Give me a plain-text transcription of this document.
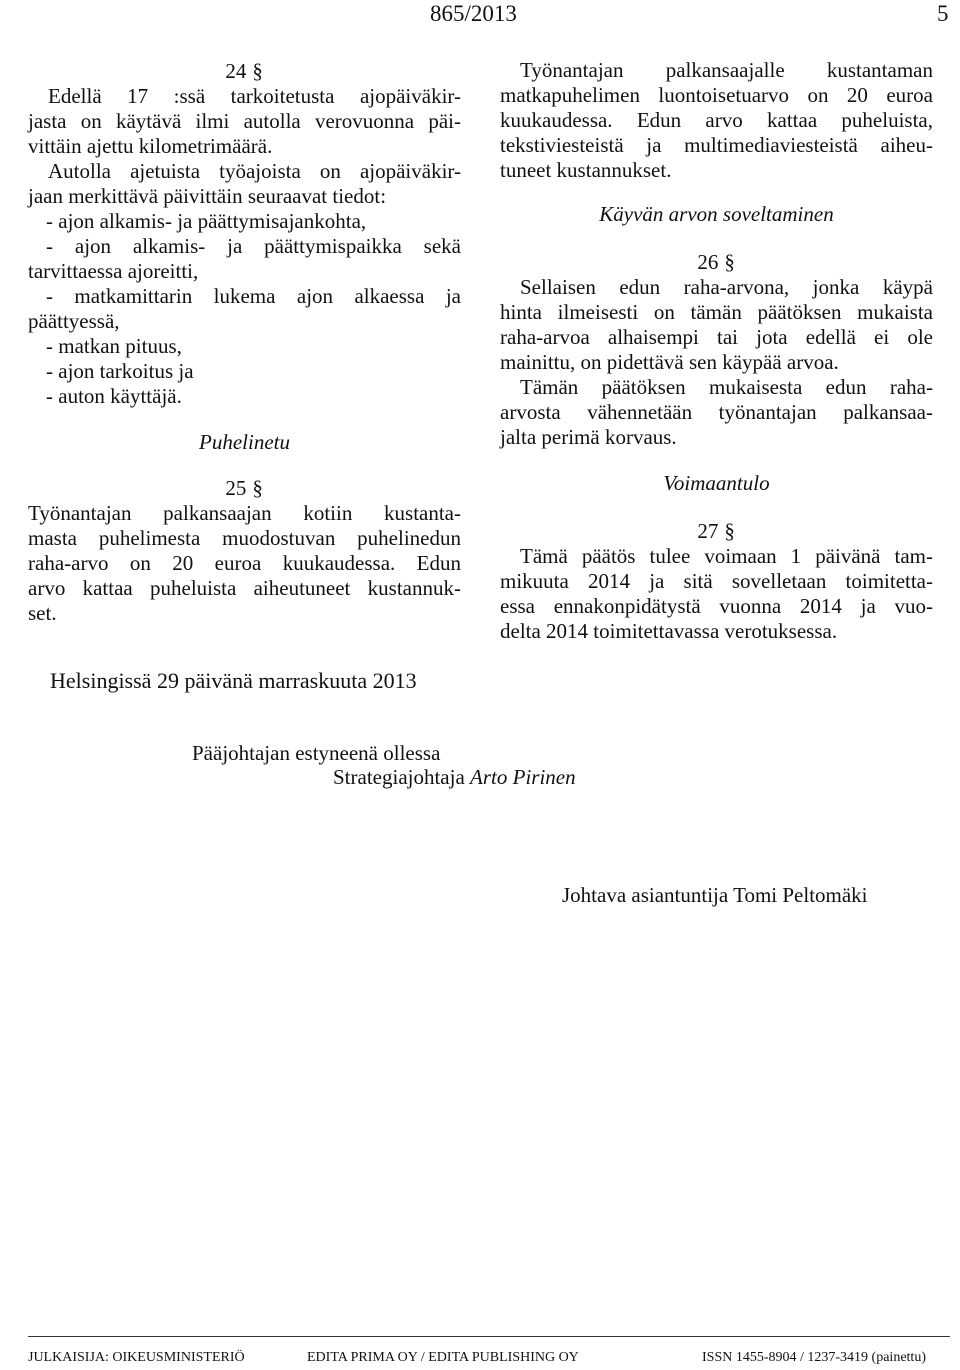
865/2013	5

24 §

Edellä 17 :ssä tarkoitetusta ajopäiväkir-
jasta on käytävä ilmi autolla verovuonna päi-
vittäin ajettu kilometrimäärä.

Autolla ajetuista työajoista on ajopäiväkir-
jaan merkittävä päivittäin seuraavat tiedot:

- ajon alkamis- ja päättymisajankohta,
- ajon alkamis- ja päättymispaikka sekä
tarvittaessa ajoreitti,
- matkamittarin lukema ajon alkaessa ja
päättyessä,
- matkan pituus,
- ajon tarkoitus ja
- auton käyttäjä.

Puhelinetu

25 §

Työnantajan palkansaajan kotiin kustanta-
masta puhelimesta muodostuvan puhelinedun
raha-arvo on 20 euroa kuukaudessa. Edun
arvo kattaa puheluista aiheutuneet kustannuk-
set.

Työnantajan palkansaajalle kustantaman
matkapuhelimen luontoisetuarvo on 20 euroa
kuukaudessa. Edun arvo kattaa puheluista,
tekstiviesteistä ja multimediaviesteistä aiheu-
tuneet kustannukset.

Käyvän arvon soveltaminen

26 §

Sellaisen edun raha-arvona, jonka käypä
hinta ilmeisesti on tämän päätöksen mukaista
raha-arvoa alhaisempi tai jota edellä ei ole
mainittu, on pidettävä sen käypää arvoa.

Tämän päätöksen mukaisesta edun raha-
arvosta vähennetään työnantajan palkansaa-
jalta perimä korvaus.

Voimaantulo

27 §

Tämä päätös tulee voimaan 1 päivänä tam-
mikuuta 2014 ja sitä sovelletaan toimitetta-
essa ennakonpidätystä vuonna 2014 ja vuo-
delta 2014 toimitettavassa verotuksessa.

Helsingissä 29 päivänä marraskuuta 2013
Pääjohtajan estyneenä ollessa
Strategiajohtaja Arto Pirinen
Johtava asiantuntija Tomi Peltomäki
JULKAISIJA: OIKEUSMINISTERIÖ	EDITA PRIMA OY / EDITA PUBLISHING OY	ISSN 1455-8904 / 1237-3419 (painettu)
